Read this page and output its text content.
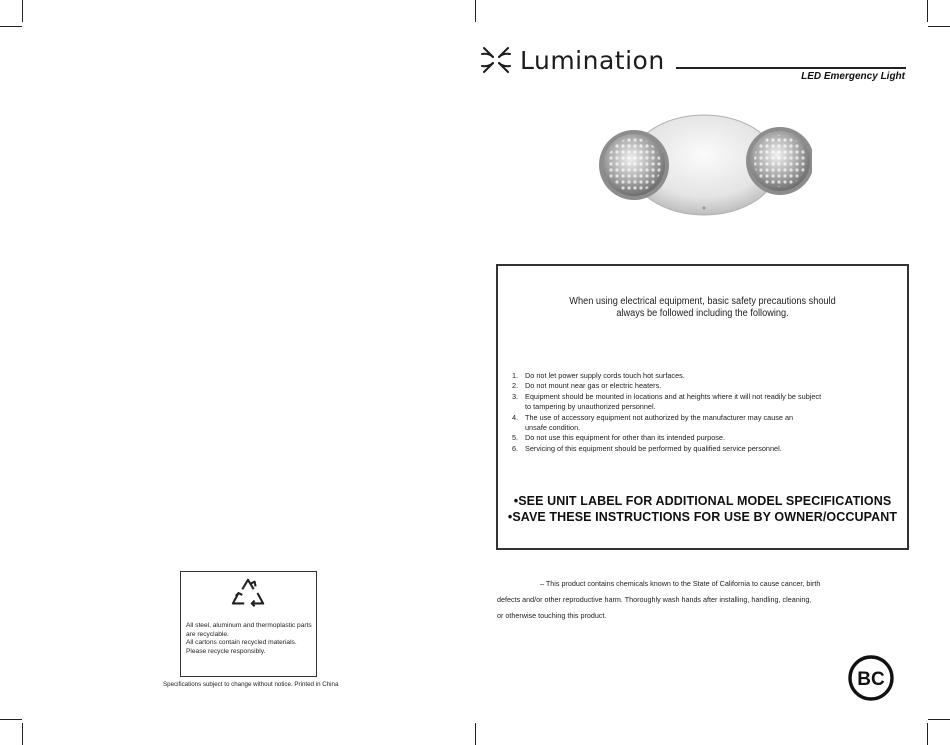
Lumination
LED Emergency Light
When using electrical equipment, basic safety precautions should
always be followed including the following.
1. Do not let power supply cords touch hot surfaces.
2. Do not mount near gas or electric heaters.
3. Equipment should be mounted in locations and at heights where it will not readily be subject
to tampering by unauthorized personnel.
4. The use of accessory equipment not authorized by the manufacturer may cause an
unsafe condition.
5. Do not use this equipment for other than its intended purpose.
6. Servicing of this equipment should be performed by qualified service personnel.
•SEE UNIT LABEL FOR ADDITIONAL MODEL SPECIFICATIONS
•SAVE THESE INSTRUCTIONS FOR USE BY OWNER/OCCUPANT
– This product contains chemicals known to the State of California to cause cancer, birth
defects and/or other reproductive harm. Thoroughly wash hands after installing, handling, cleaning,
or otherwise touching this product.
All steel, aluminum and thermoplastic parts
are recyclable.
All cartons contain recycled materials.
Please recycle responsibly.
Specifications subject to change without notice. Printed in China	BC
